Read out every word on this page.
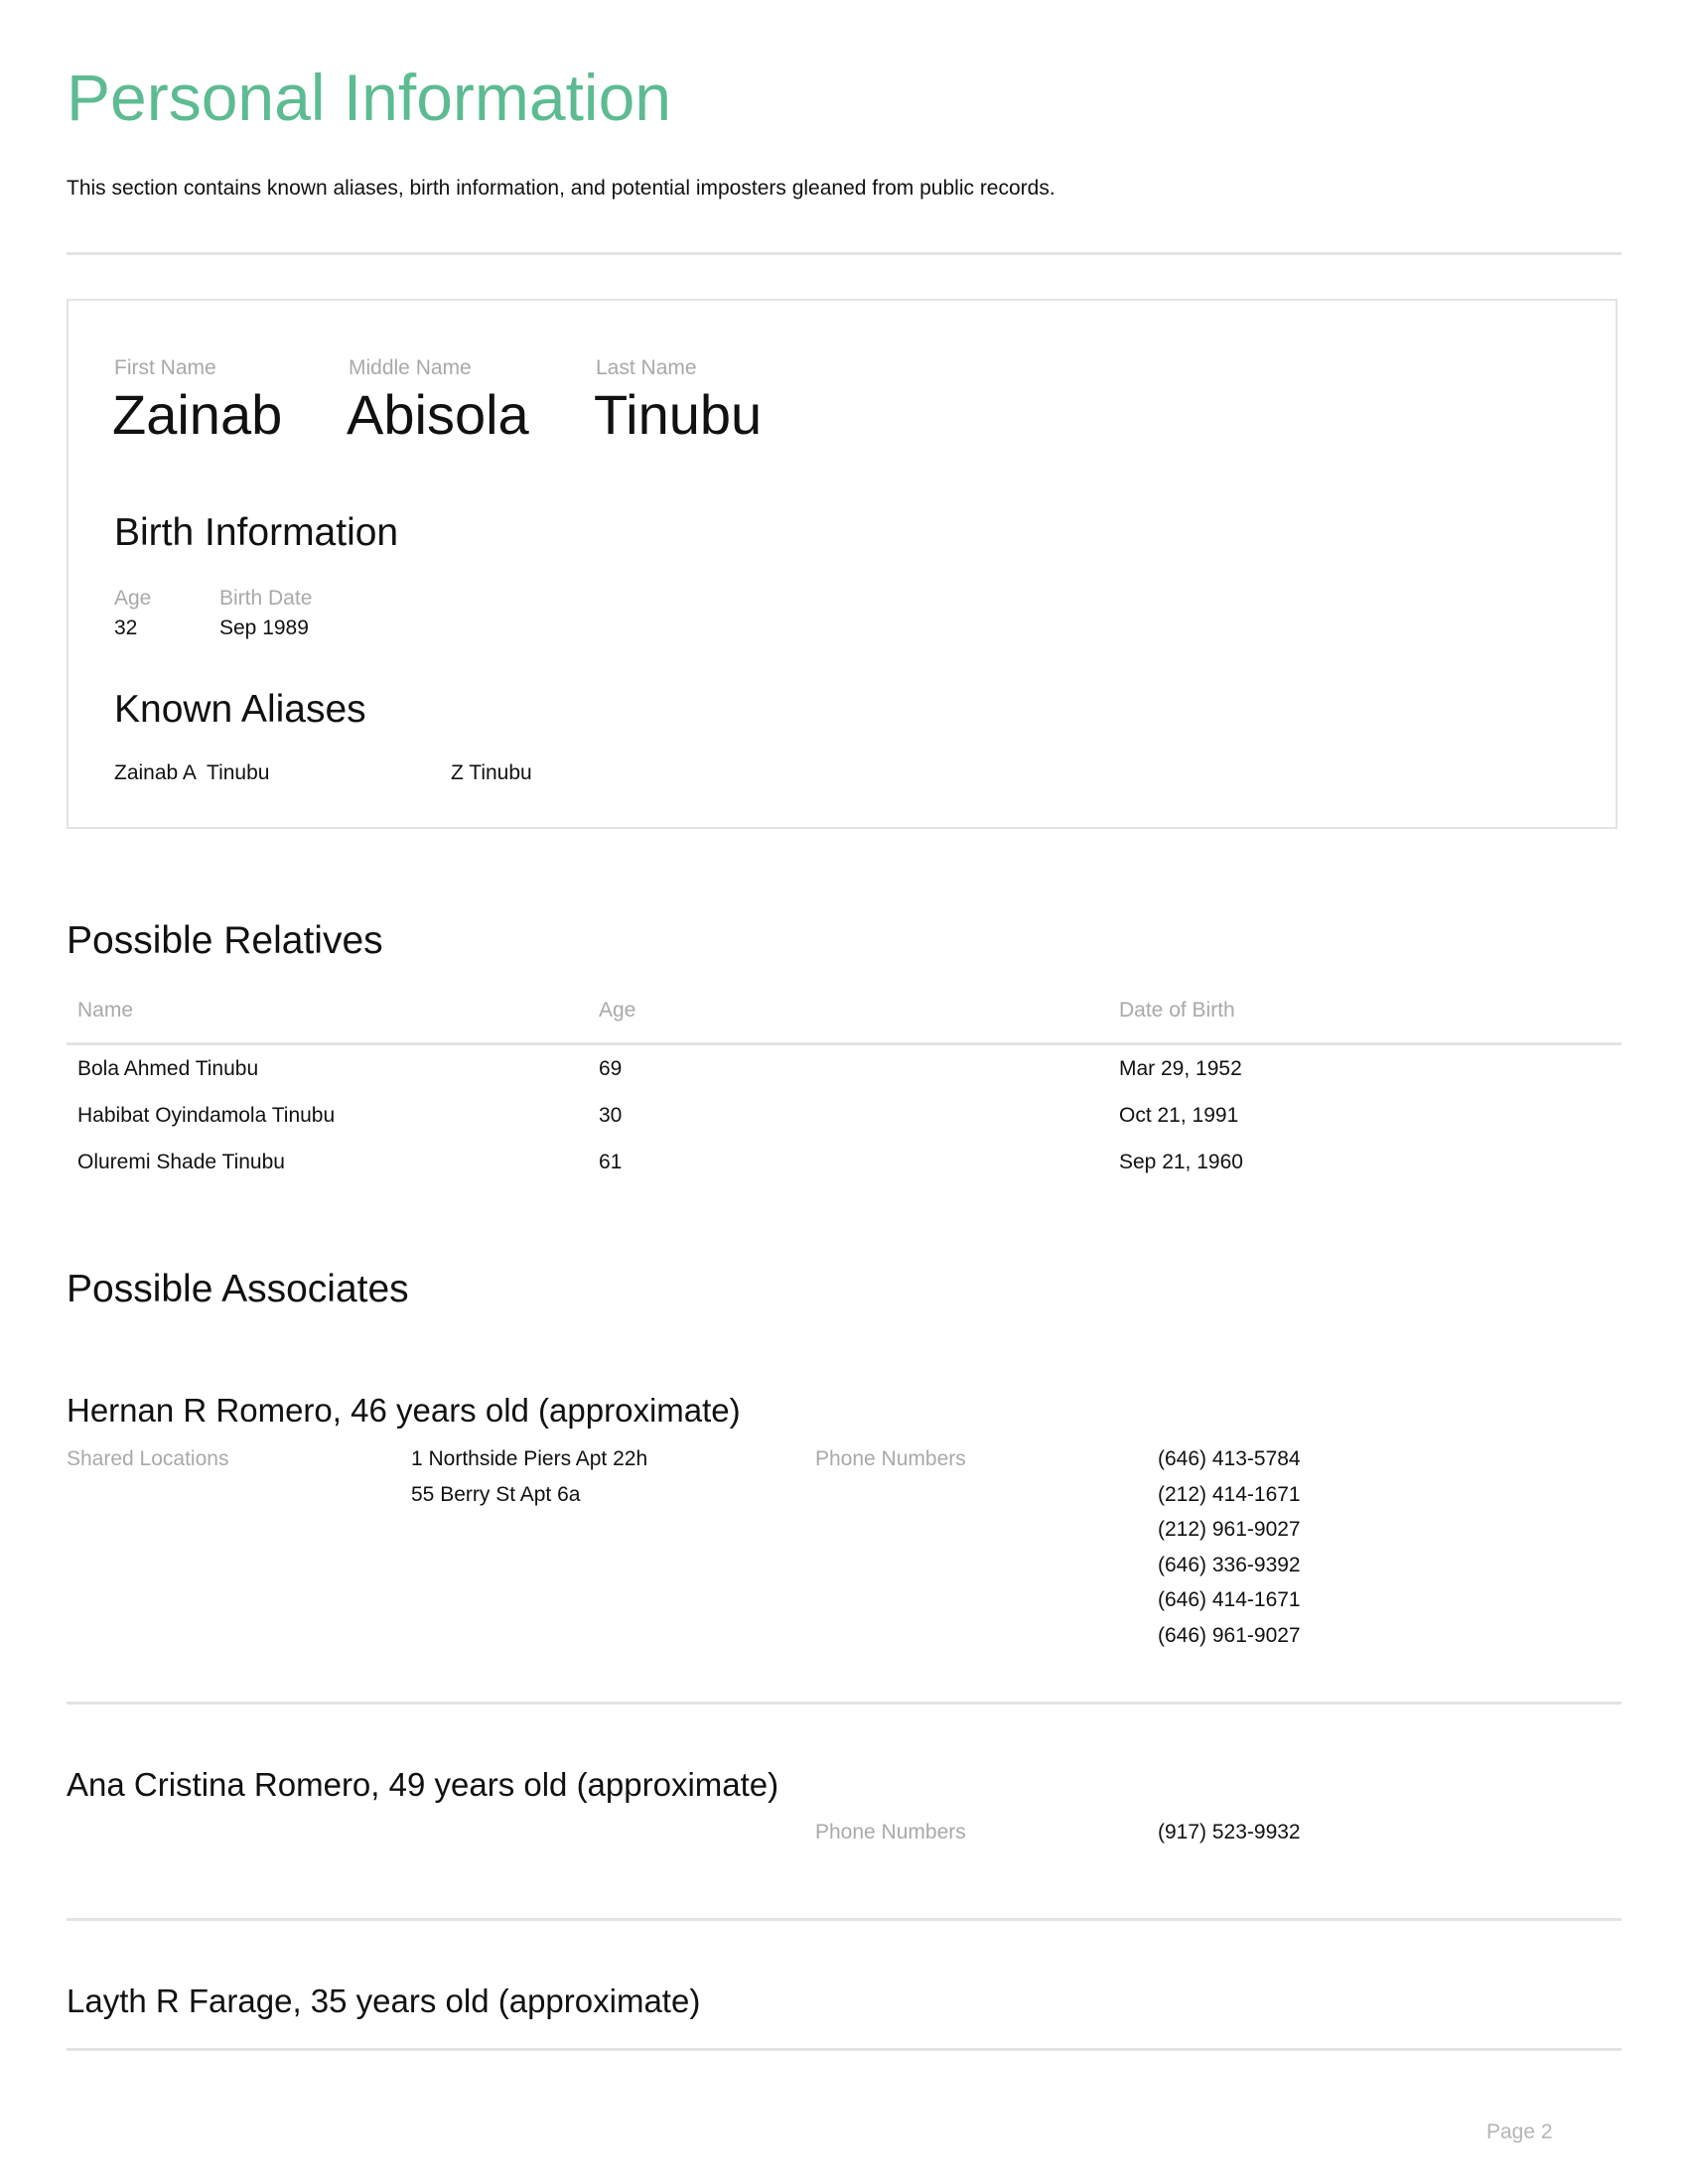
Personal Information
This section contains known aliases, birth information, and potential imposters gleaned from public records.
First Name
Zainab
Middle Name
Abisola
Last Name
Tinubu
Birth Information
Age
32
Birth Date
Sep 1989
Known Aliases
Zainab A  Tinubu	Z Tinubu
Possible Relatives
Name	Age	Date of Birth
Bola Ahmed Tinubu	69	Mar 29, 1952
Habibat Oyindamola Tinubu	30	Oct 21, 1991
Oluremi Shade Tinubu	61	Sep 21, 1960
Possible Associates
Hernan R Romero, 46 years old (approximate)
Shared Locations	1 Northside Piers Apt 22h
55 Berry St Apt 6a
Phone Numbers	(646) 413-5784
(212) 414-1671
(212) 961-9027
(646) 336-9392
(646) 414-1671
(646) 961-9027
Ana Cristina Romero, 49 years old (approximate)
Phone Numbers	(917) 523-9932
Layth R Farage, 35 years old (approximate)
Page 2
